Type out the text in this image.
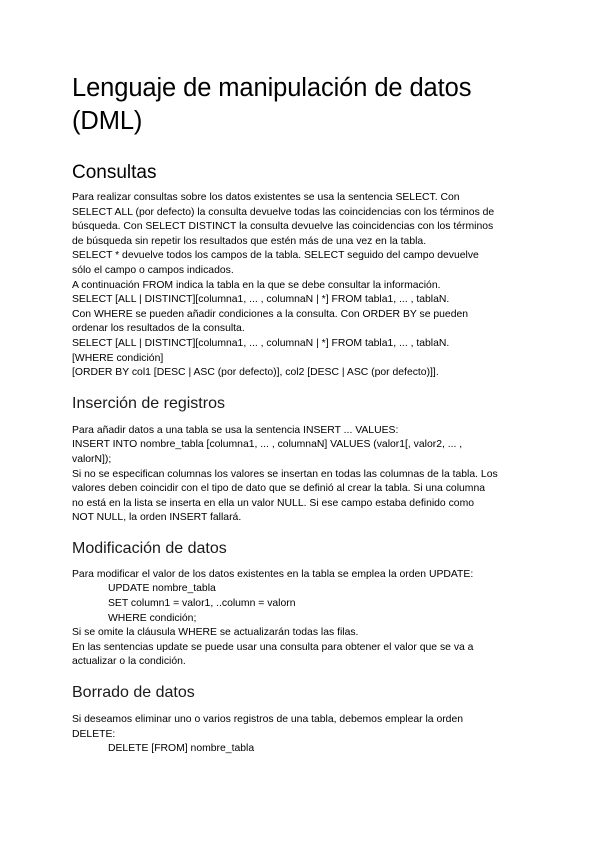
Lenguaje de manipulación de datos (DML)
Consultas
Para realizar consultas sobre los datos existentes se usa la sentencia SELECT. Con
SELECT ALL (por defecto) la consulta devuelve todas las coincidencias con los términos de
búsqueda. Con SELECT DISTINCT la consulta devuelve las coincidencias con los términos
de búsqueda sin repetir los resultados que estén más de una vez en la tabla.
SELECT * devuelve todos los campos de la tabla. SELECT seguido del campo devuelve
sólo el campo o campos indicados.
A continuación FROM indica la tabla en la que se debe consultar la información.
SELECT [ALL | DISTINCT][columna1, ... , columnaN | *] FROM tabla1, ... , tablaN.
Con WHERE se pueden añadir condiciones a la consulta. Con ORDER BY se pueden
ordenar los resultados de la consulta.
SELECT [ALL | DISTINCT][columna1, ... , columnaN | *] FROM tabla1, ... , tablaN.
[WHERE condición]
[ORDER BY col1 [DESC | ASC (por defecto)], col2 [DESC | ASC (por defecto)]].
Inserción de registros
Para añadir datos a una tabla se usa la sentencia INSERT ... VALUES:
INSERT INTO nombre_tabla [columna1, ... , columnaN] VALUES (valor1[, valor2, ... ,
valorN]);
Si no se especifican columnas los valores se insertan en todas las columnas de la tabla. Los
valores deben coincidir con el tipo de dato que se definió al crear la tabla. Si una columna
no está en la lista se inserta en ella un valor NULL. Si ese campo estaba definido como
NOT NULL, la orden INSERT fallará.
Modificación de datos
Para modificar el valor de los datos existentes en la tabla se emplea la orden UPDATE:
UPDATE nombre_tabla
SET column1 = valor1, ..column = valorn
WHERE condición;
Si se omite la cláusula WHERE se actualizarán todas las filas.
En las sentencias update se puede usar una consulta para obtener el valor que se va a
actualizar o la condición.
Borrado de datos
Si deseamos eliminar uno o varios registros de una tabla, debemos emplear la orden
DELETE:
DELETE [FROM] nombre_tabla
